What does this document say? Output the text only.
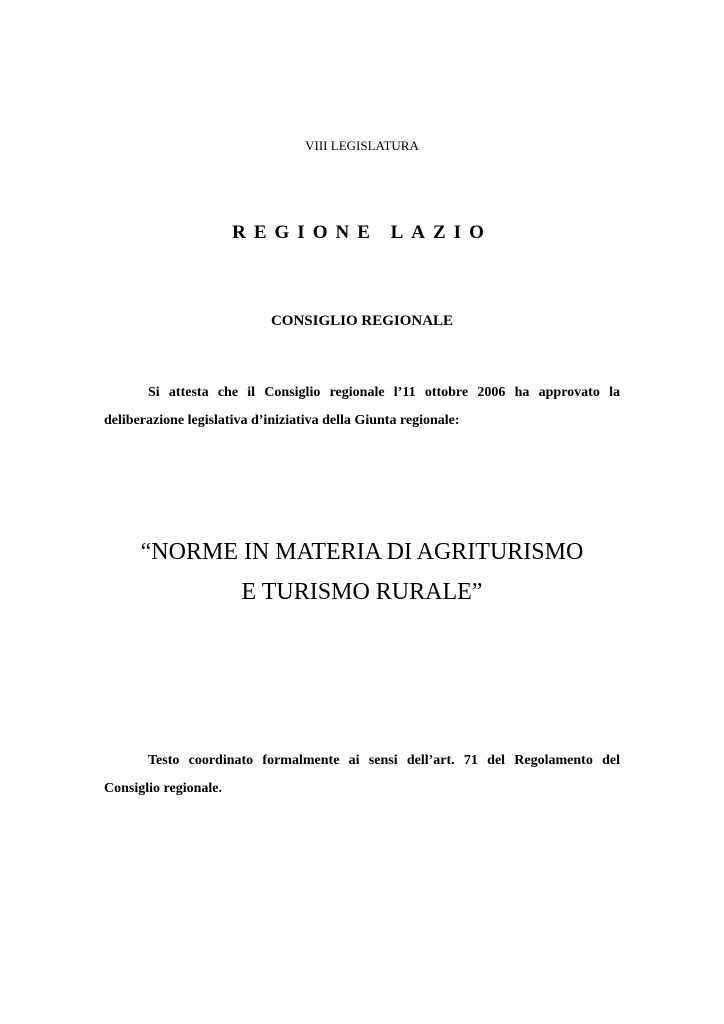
VIII LEGISLATURA
REGIONE LAZIO
CONSIGLIO REGIONALE
Si attesta che il Consiglio regionale l’11 ottobre 2006 ha approvato la deliberazione legislativa d’iniziativa della Giunta regionale:
“NORME IN MATERIA DI AGRITURISMO
E TURISMO RURALE”
Testo coordinato formalmente ai sensi dell’art. 71 del Regolamento del Consiglio regionale.
